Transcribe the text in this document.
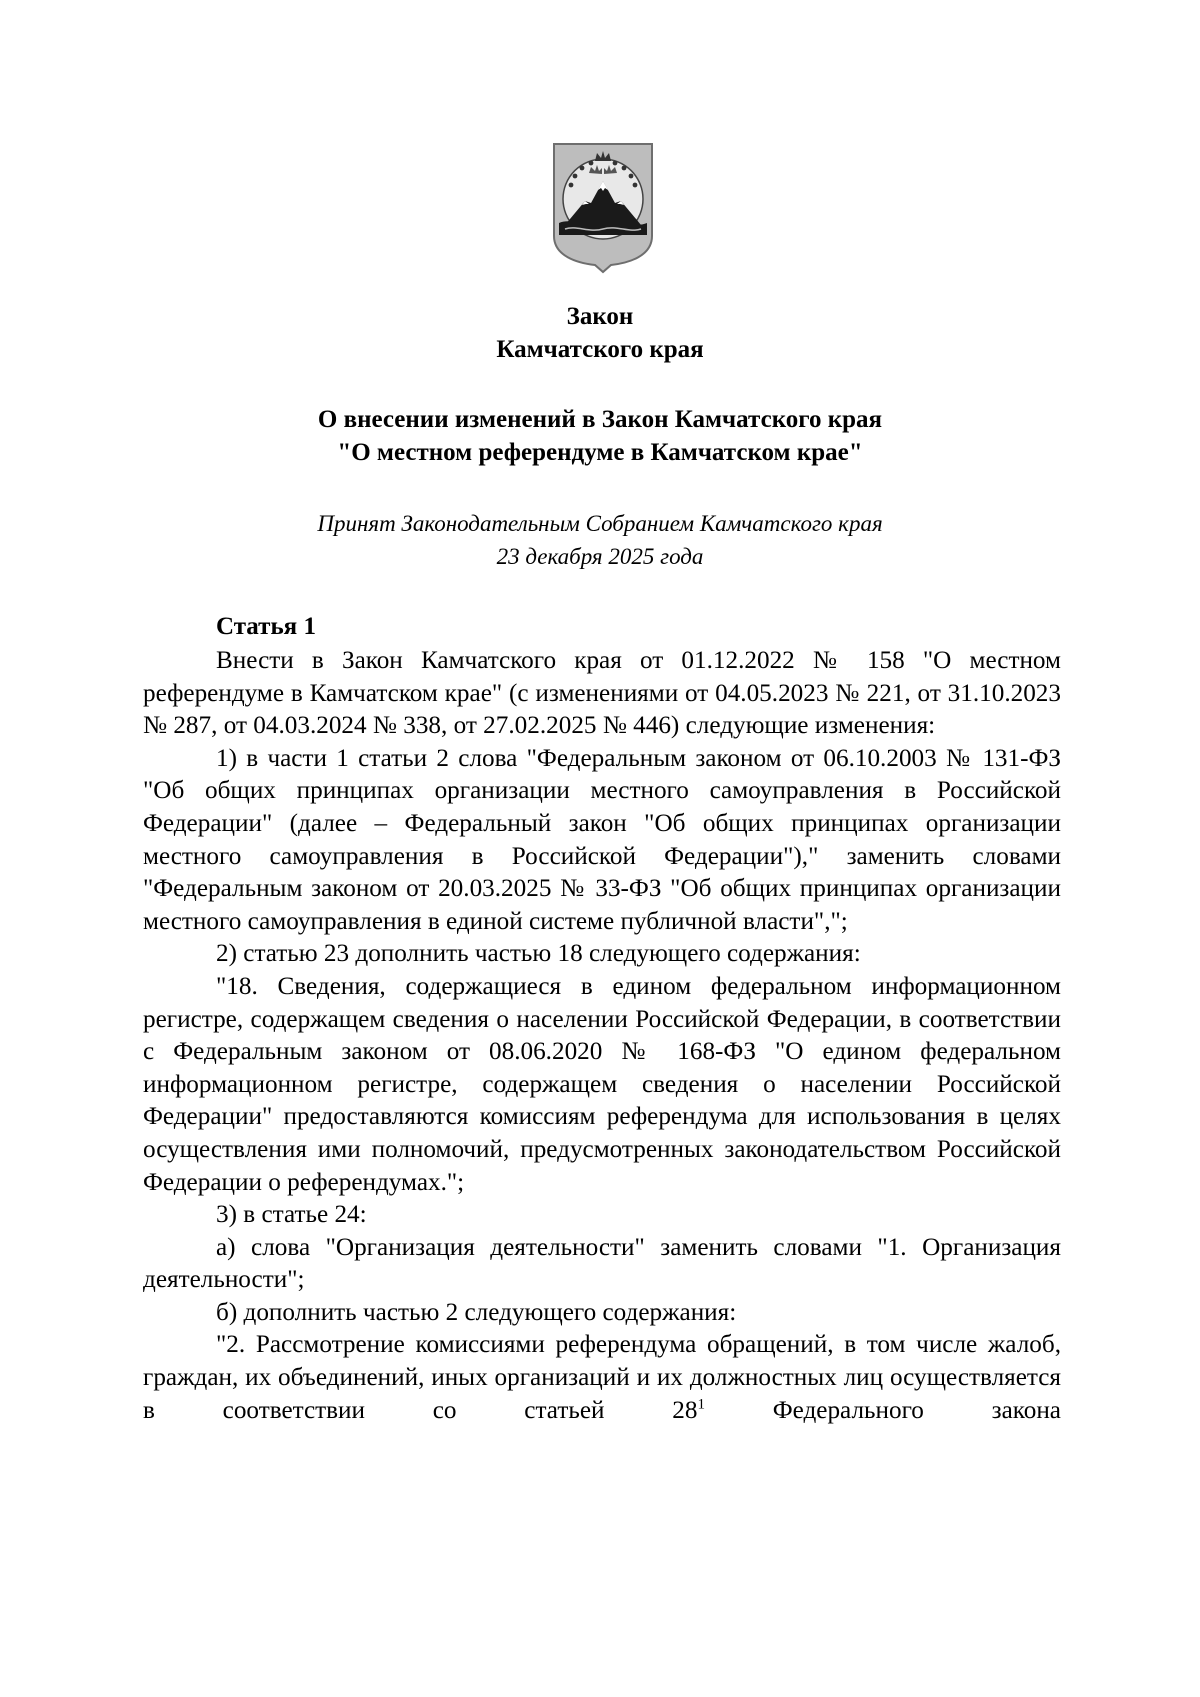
Закон
Камчатского края
О внесении изменений в Закон Камчатского края
"О местном референдуме в Камчатском крае"
Принят Законодательным Собранием Камчатского края
23 декабря 2025 года
Статья 1

Внести в Закон Камчатского края от 01.12.2022 № 158 "О местном референдуме в Камчатском крае" (с изменениями от 04.05.2023 № 221, от 31.10.2023 № 287, от 04.03.2024 № 338, от 27.02.2025 № 446) следующие изменения:

1) в части 1 статьи 2 слова "Федеральным законом от 06.10.2003 № 131-ФЗ "Об общих принципах организации местного самоуправления в Российской Федерации" (далее – Федеральный закон "Об общих принципах организации местного самоуправления в Российской Федерации")," заменить словами "Федеральным законом от 20.03.2025 № 33-ФЗ "Об общих принципах организации местного самоуправления в единой системе публичной власти",";

2) статью 23 дополнить частью 18 следующего содержания:

"18. Сведения, содержащиеся в едином федеральном информационном регистре, содержащем сведения о населении Российской Федерации, в соответствии с Федеральным законом от 08.06.2020 № 168-ФЗ "О едином федеральном информационном регистре, содержащем сведения о населении Российской Федерации" предоставляются комиссиям референдума для использования в целях осуществления ими полномочий, предусмотренных законодательством Российской Федерации о референдумах.";

3) в статье 24:

а) слова "Организация деятельности" заменить словами "1. Организация деятельности";

б) дополнить частью 2 следующего содержания:

"2. Рассмотрение комиссиями референдума обращений, в том числе жалоб, граждан, их объединений, иных организаций и их должностных лиц осуществляется в соответствии со статьей $28^1$ Федерального закона
